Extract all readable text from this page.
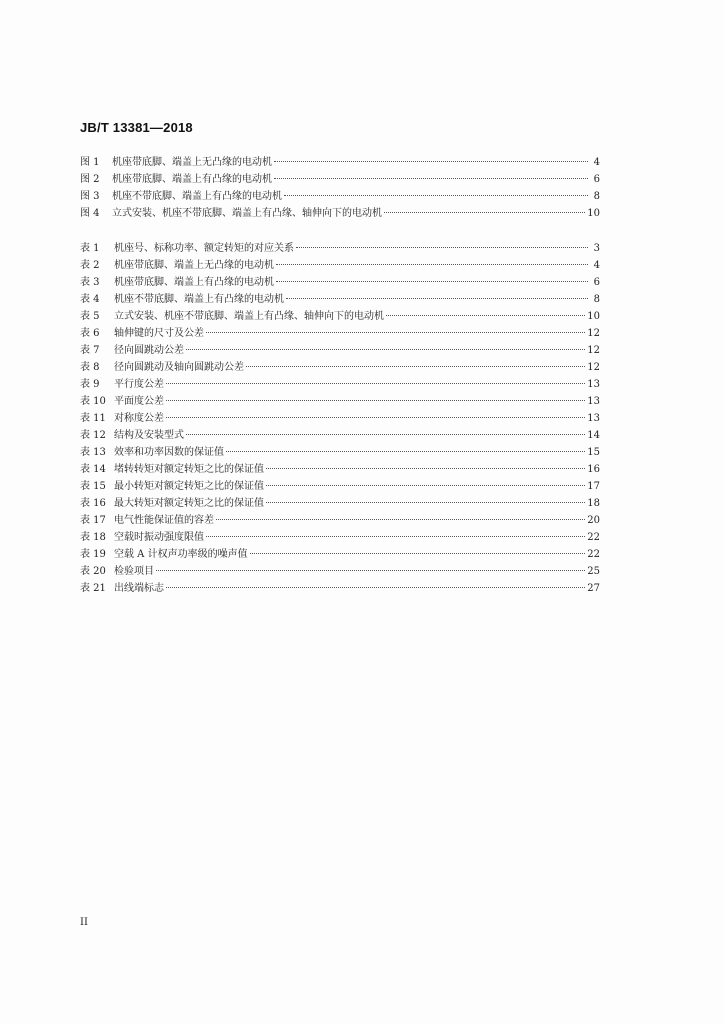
JB/T 13381—2018
图 1	机座带底脚、端盖上无凸缘的电动机	4
图 2	机座带底脚、端盖上有凸缘的电动机	6
图 3	机座不带底脚、端盖上有凸缘的电动机	8
图 4	立式安装、机座不带底脚、端盖上有凸缘、轴伸向下的电动机	10
表 1	机座号、标称功率、额定转矩的对应关系	3
表 2	机座带底脚、端盖上无凸缘的电动机	4
表 3	机座带底脚、端盖上有凸缘的电动机	6
表 4	机座不带底脚、端盖上有凸缘的电动机	8
表 5	立式安装、机座不带底脚、端盖上有凸缘、轴伸向下的电动机	10
表 6	轴伸键的尺寸及公差	12
表 7	径向圆跳动公差	12
表 8	径向圆跳动及轴向圆跳动公差	12
表 9	平行度公差	13
表 10 平面度公差	13
表 11 对称度公差	13
表 12 结构及安装型式	14
表 13 效率和功率因数的保证值	15
表 14 堵转转矩对额定转矩之比的保证值	16
表 15 最小转矩对额定转矩之比的保证值	17
表 16 最大转矩对额定转矩之比的保证值	18
表 17 电气性能保证值的容差	20
表 18 空载时振动强度限值	22
表 19 空载 A 计权声功率级的噪声值	22
表 20 检验项目	25
表 21 出线端标志	27
II
